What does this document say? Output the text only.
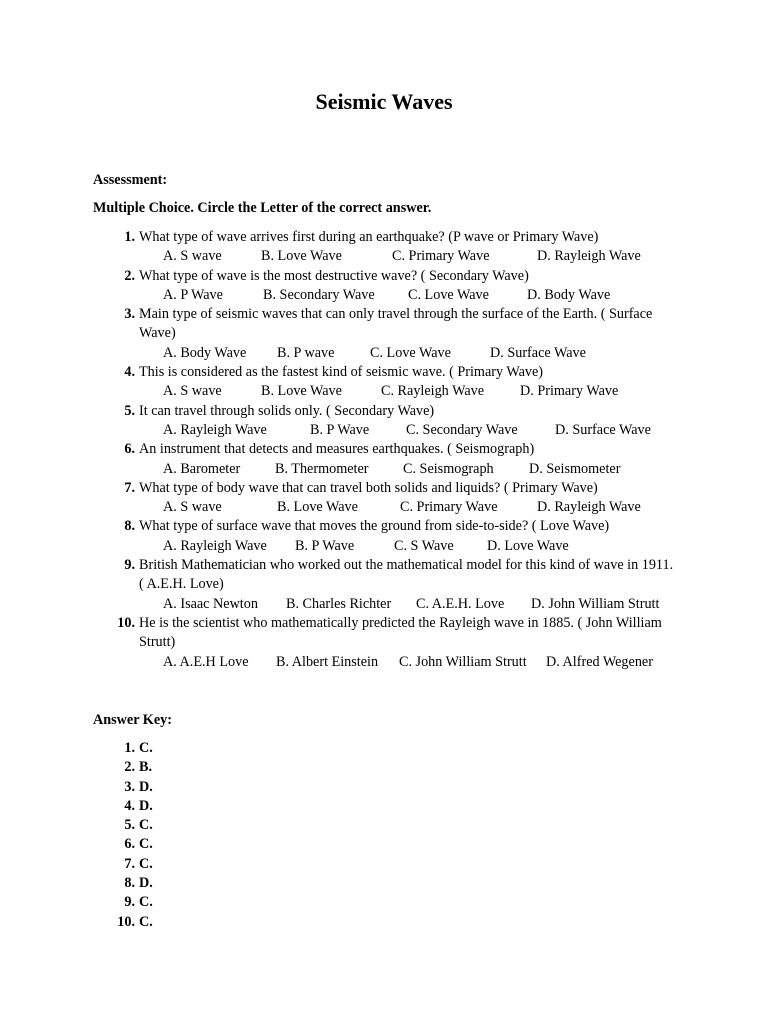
Seismic Waves
Assessment:
Multiple Choice. Circle the Letter of the correct answer.
1. What type of wave arrives first during an earthquake? (P wave or Primary Wave)
A. S wave	B. Love Wave	C. Primary Wave	D. Rayleigh Wave
2. What type of wave is the most destructive wave? ( Secondary Wave)
A. P Wave	B. Secondary Wave C. Love Wave	D. Body Wave
3. Main type of seismic waves that can only travel through the surface of the Earth. ( Surface Wave)
A. Body Wave B. P wave	C. Love Wave	D. Surface Wave
4. This is considered as the fastest kind of seismic wave. ( Primary Wave)
A. S wave	B. Love Wave	C. Rayleigh Wave	D. Primary Wave
5. It can travel through solids only. ( Secondary Wave)
A. Rayleigh Wave	B. P Wave	C. Secondary Wave	D. Surface Wave
6. An instrument that detects and measures earthquakes. ( Seismograph)
A. Barometer B. Thermometer C. Seismograph D. Seismometer
7. What type of body wave that can travel both solids and liquids? ( Primary Wave)
A. S wave	B. Love Wave	C. Primary Wave	D. Rayleigh Wave
8. What type of surface wave that moves the ground from side-to-side? ( Love Wave)
A. Rayleigh Wave B. P Wave	C. S Wave D. Love Wave
9. British Mathematician who worked out the mathematical model for this kind of wave in 1911. ( A.E.H. Love)
A. Isaac Newton B. Charles Richter C. A.E.H. Love D. John William Strutt
10. He is the scientist who mathematically predicted the Rayleigh wave in 1885. ( John William Strutt)
A. A.E.H Love B. Albert Einstein C. John William Strutt D. Alfred Wegener
Answer Key:
1. C.
2. B.
3. D.
4. D.
5. C.
6. C.
7. C.
8. D.
9. C.
10. C.
